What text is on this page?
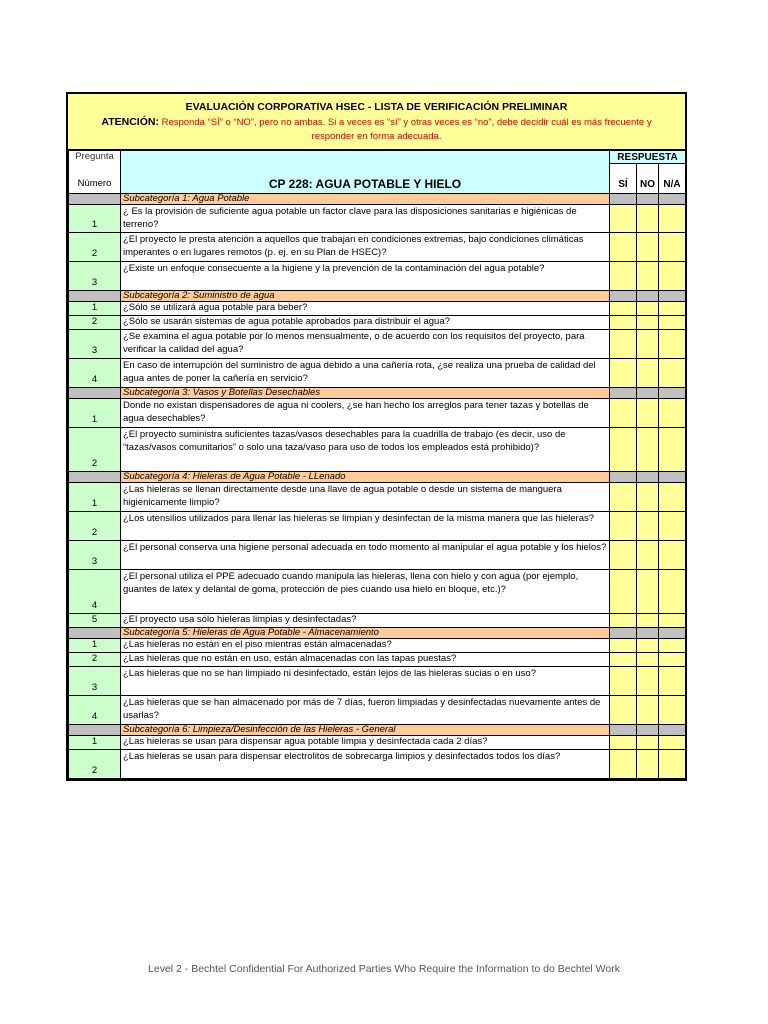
EVALUACIÓN CORPORATIVA HSEC - LISTA DE VERIFICACIÓN PRELIMINAR
ATENCIÓN: Responda “SÍ” o “NO”, pero no ambas. Si a veces es “sí” y otras veces es “no”, debe decidir cuál es más frecuente y
responder en forma adecuada.
Pregunta
Número	CP 228: AGUA POTABLE Y HIELO	RESPUESTA		
		SÍ	NO	N/A
	Subcategoría 1: Agua Potable			
1	¿ Es la provisión de suficiente agua potable un factor clave para las disposiciones sanitarias e higiénicas de terreno?			
2	¿El proyecto le presta atención a aquellos que trabajan en condiciones extremas, bajo condiciones climáticas imperantes o en lugares remotos (p. ej. en su Plan de HSEC)?			
3	¿Existe un enfoque consecuente a la higiene y la prevención de la contaminación del agua potable?			
	Subcategoría 2: Suministro de agua			
1	¿Sólo se utilizará agua potable para beber?			
2	¿Sólo se usarán sistemas de agua potable aprobados para distribuir el agua?			
3	¿Se examina el agua potable por lo menos mensualmente, o de acuerdo con los requisitos del proyecto, para verificar la calidad del agua?			
4	En caso de interrupción del suministro de agua debido a una cañería rota, ¿se realiza una prueba de calidad del agua antes de poner la cañería en servicio?			
	Subcategoría 3: Vasos y Botellas Desechables			
1	Donde no existan dispensadores de agua ni coolers, ¿se han hecho los arreglos para tener tazas y botellas de agua desechables?			
2	¿El proyecto suministra suficientes tazas/vasos desechables para la cuadrilla de trabajo (es decir, uso de “tazas/vasos comunitarios” o solo una taza/vaso para uso de todos los empleados está prohibido)?			
	Subcategoría 4: Hieleras de Agua Potable - LLenado			
1	¿Las hieleras se llenan directamente desde una llave de agua potable o desde un sistema de manguera higienicamente limpio?			
2	¿Los utensilios utilizados para llenar las hieleras se limpian y desinfectan de la misma manera que las hieleras?			
3	¿El personal conserva una higiene personal adecuada en todo momento al manipular el agua potable y los hielos?			
4	¿El personal utiliza el PPE adecuado cuando manipula las hieleras, llena con hielo y con agua (por ejemplo, guantes de latex y delantal de goma, protección de pies cuando usa hielo en bloque, etc.)?			
5	¿El proyecto usa sólo hieleras limpias y desinfectadas?			
	Subcategoría 5: Hieleras de Agua Potable - Almacenamiento			
1	¿Las hieleras no están en el piso mientras están almacenadas?			
2	¿Las hieleras que no están en uso, están almacenadas con las tapas puestas?			
3	¿Las hieleras que no se han limpiado ni desinfectado, están lejos de las hieleras sucias o en uso?			
4	¿Las hieleras que se han almacenado por más de 7 días, fueron limpiadas y desinfectadas nuevamente antes de usarlas?			
	Subcategoría 6: Limpieza/Desinfección de las Hieleras - General			
1	¿Las hieleras se usan para dispensar agua potable limpia y desinfectada cada 2 días?			
2	¿Las hieleras se usan para dispensar electrolitos de sobrecarga limpios y desinfectados todos los días?			
Level 2 - Bechtel Confidential For Authorized Parties Who Require the Information to do Bechtel Work
